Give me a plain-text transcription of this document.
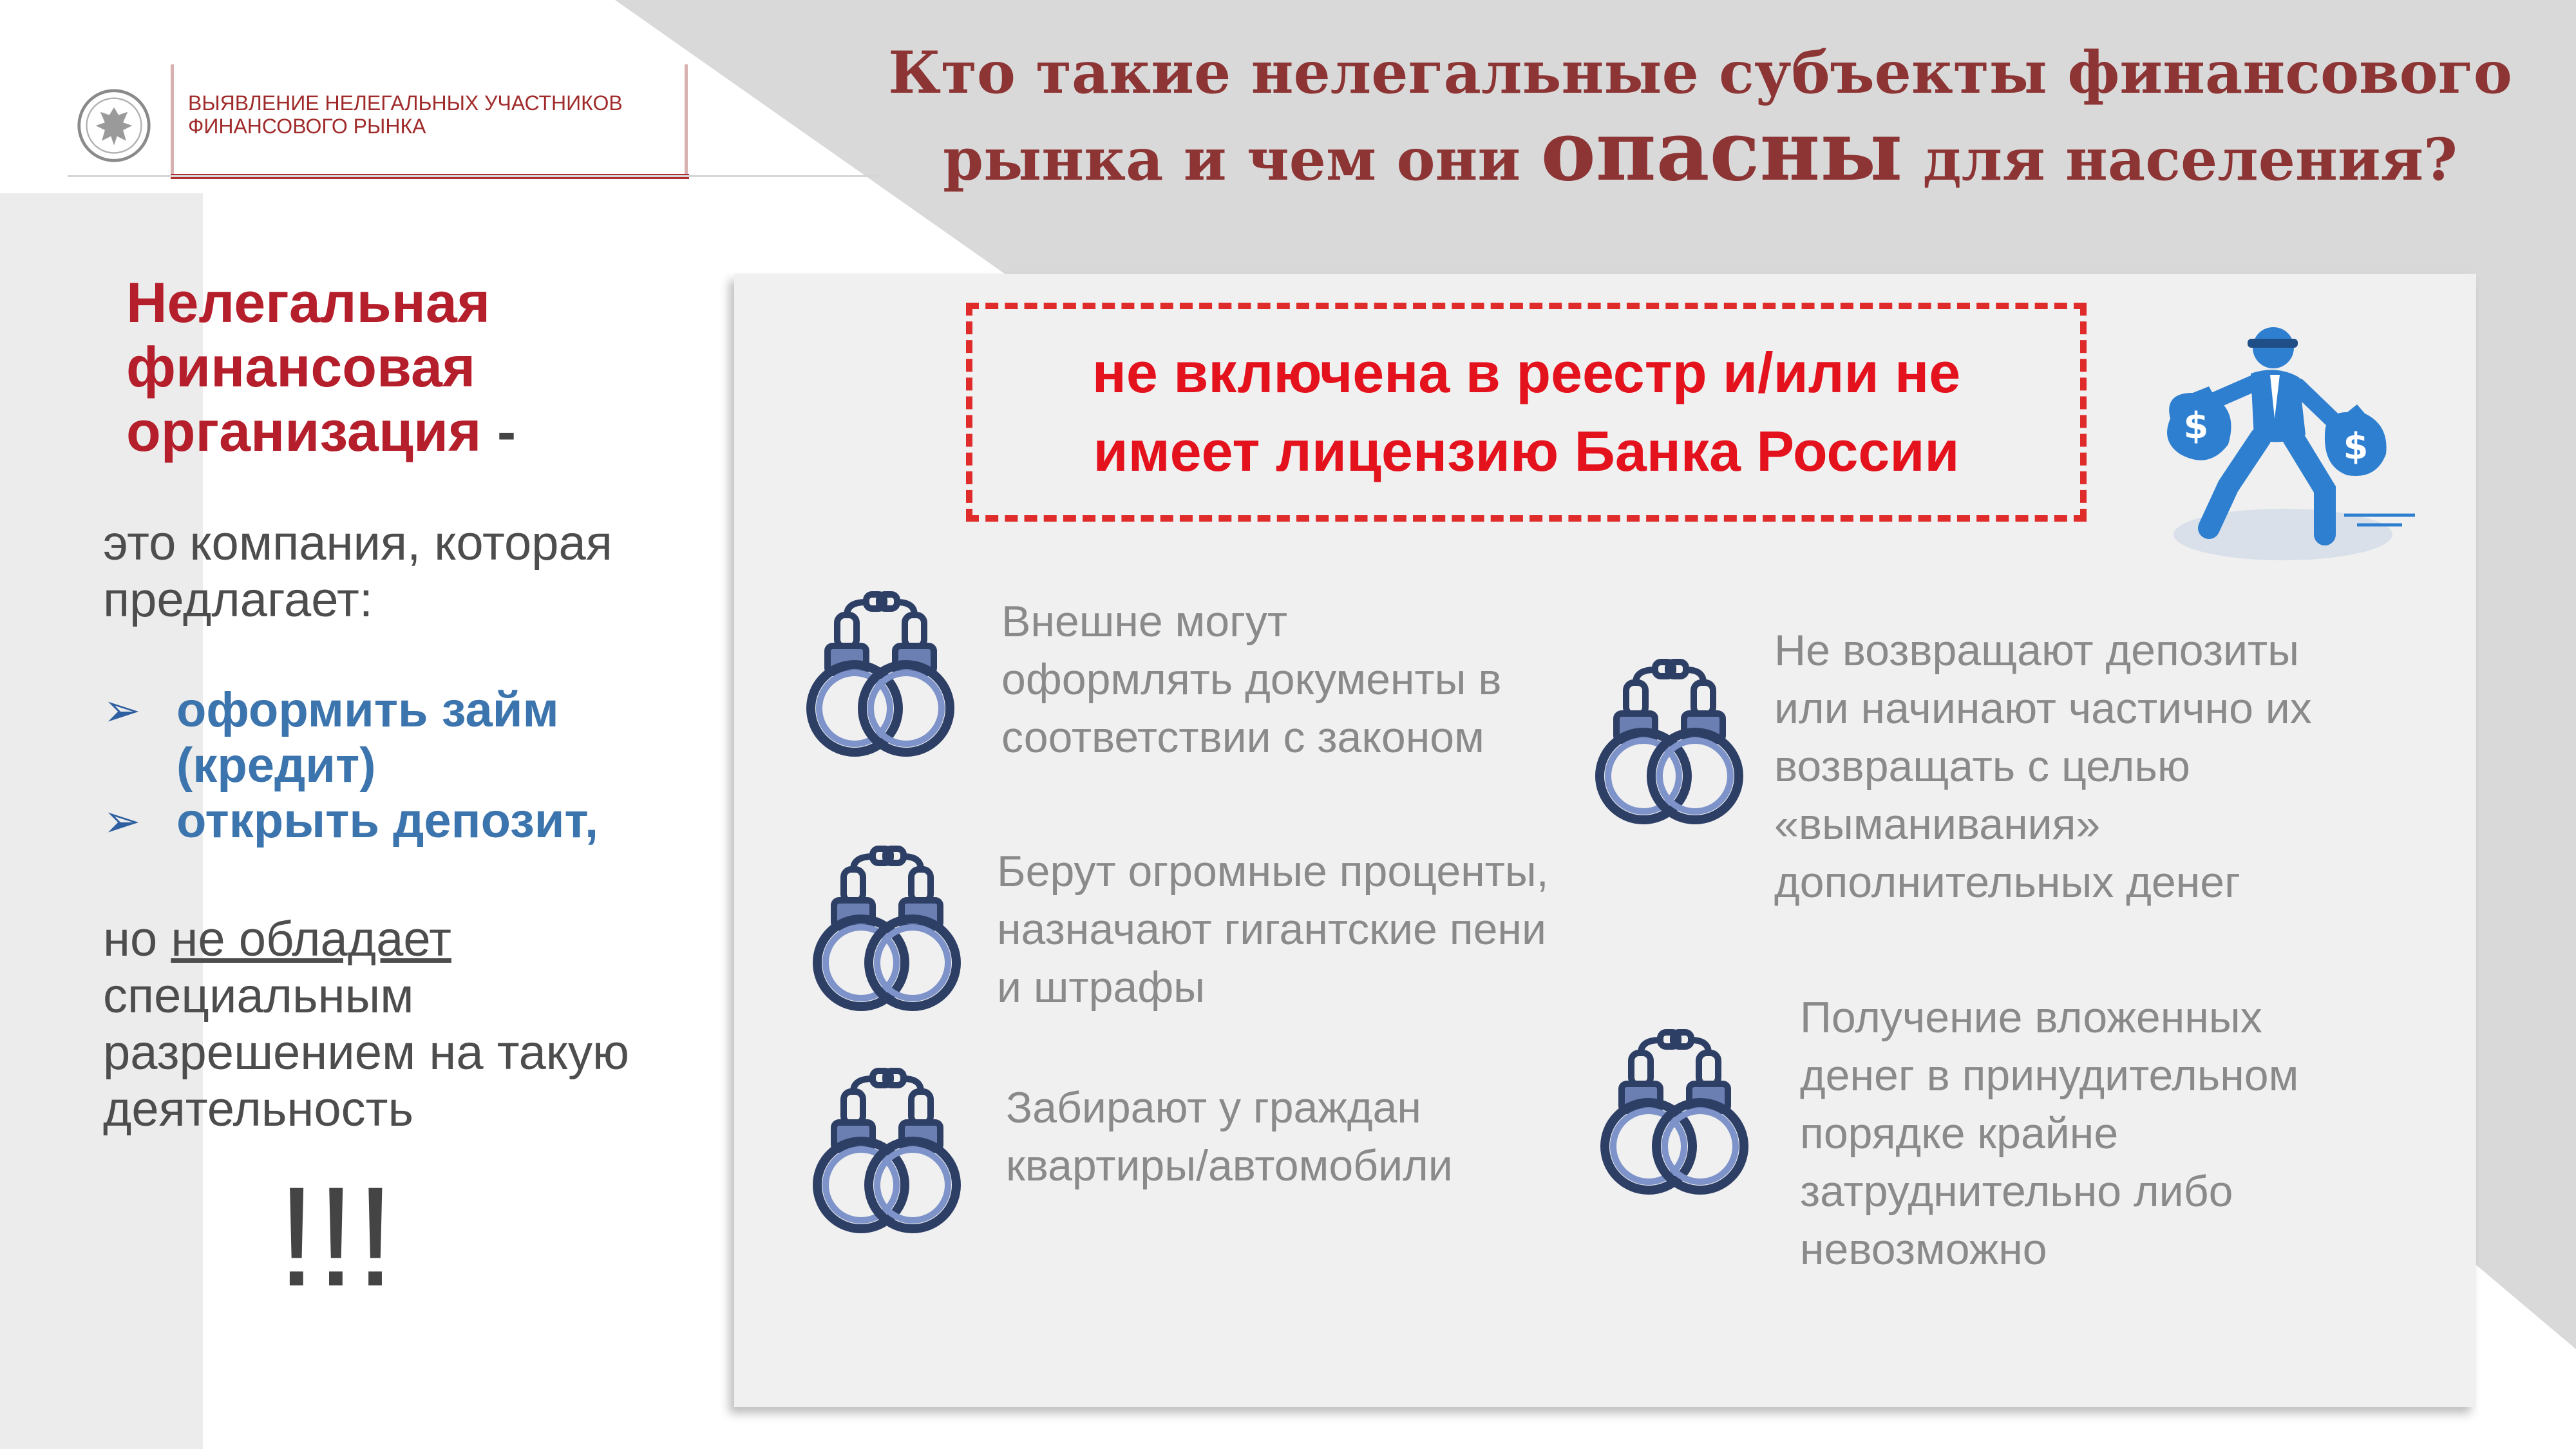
ВЫЯВЛЕНИЕ НЕЛЕГАЛЬНЫХ УЧАСТНИКОВ
ФИНАНСОВОГО РЫНКА
Кто такие нелегальные субъекты финансового
рынка и чем они опасны для населения?
Нелегальная
финансовая
организация -
это компания, которая
предлагает:
➢ оформить займ (кредит)
➢ открыть депозит,
но не обладает
специальным
разрешением на такую
деятельность
!!!
не включена в реестр и/или не
имеет лицензию Банка России	$	$
Внешне могут
оформлять документы в
соответствии с законом
Берут огромные проценты,
назначают гигантские пени
и штрафы
Забирают у граждан
квартиры/автомобили
Не возвращают депозиты
или начинают частично их
возвращать с целью
«выманивания»
дополнительных денег
Получение вложенных
денег в принудительном
порядке крайне
затруднительно либо
невозможно
